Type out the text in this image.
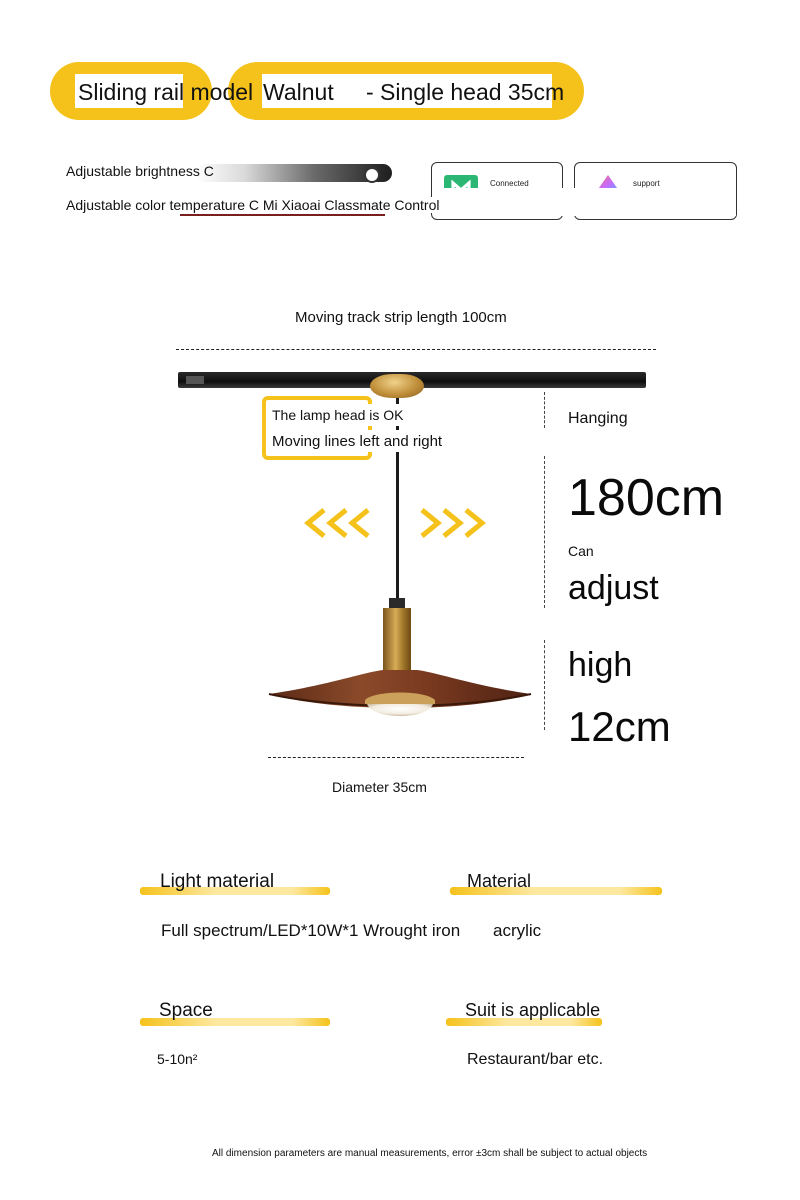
Sliding rail model Walnut - Single head 35cm
Adjustable brightness C
Adjustable color temperature C Mi Xiaoai Classmate Control
Connected	support
Moving track strip length 100cm
The lamp head is OK
Moving lines left and right
Hanging
180cm
Can
adjust
high
12cm
Diameter 35cm
Light material	Material
Full spectrum/LED*10W*1 Wrought iron acrylic
Space	Suit is applicable
5-10n²	Restaurant/bar etc.
All dimension parameters are manual measurements, error ±3cm shall be subject to actual objects
